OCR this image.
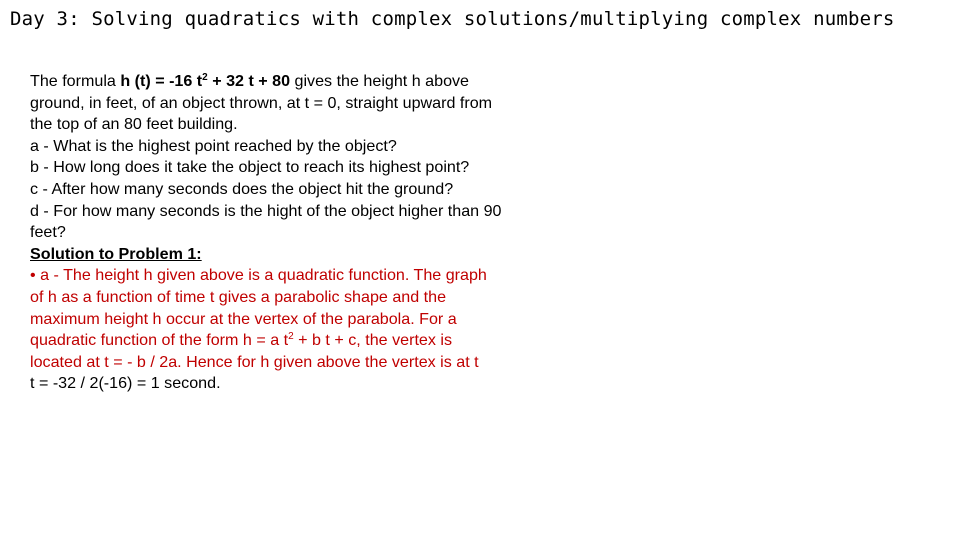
Day 3: Solving quadratics with complex solutions/multiplying complex numbers

The formula h (t) = -16 $t^2 + 32$ t + 80 gives the height h above ground, in feet, of an object thrown, at t = 0, straight upward from the top of an 80 feet building.

a - What is the highest point reached by the object?

b - How long does it take the object to reach its highest point?

c - After how many seconds does the object hit the ground?

d - For how many seconds is the hight of the object higher than 90 feet?

Solution to Problem 1:

• a - The height h given above is a quadratic function. The graph of h as a function of time t gives a parabolic shape and the maximum height h occur at the vertex of the parabola. For a quadratic function of the form h = a $t^2 + b$ t + c, the vertex is located at t = - b / 2a. Hence for h given above the vertex is at t

t = -32 / 2(-16) = 1 second.
